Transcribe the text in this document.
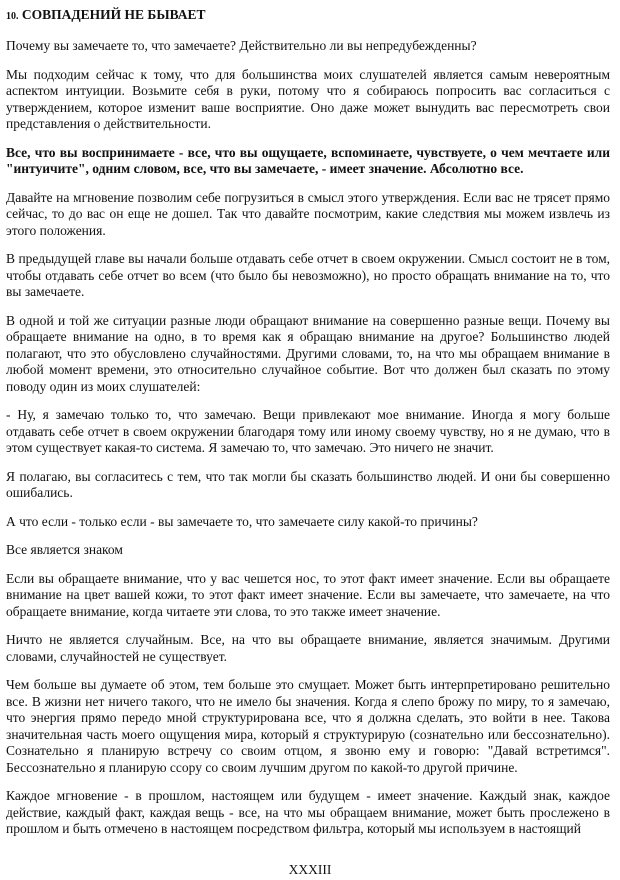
10. СОВПАДЕНИЙ НЕ БЫВАЕТ

Почему вы замечаете то, что замечаете? Действительно ли вы непредубежденны?

Мы подходим сейчас к тому, что для большинства моих слушателей является самым невероятным аспектом интуиции. Возьмите себя в руки, потому что я собираюсь попросить вас согласиться с утверждением, которое изменит ваше восприятие. Оно даже может вынудить вас пересмотреть свои представления о действительности.

Все, что вы воспринимаете - все, что вы ощущаете, вспоминаете, чувствуете, о чем мечтаете или "интуичите", одним словом, все, что вы замечаете, - имеет значение. Абсолютно все.

Давайте на мгновение позволим себе погрузиться в смысл этого утверждения. Если вас не трясет прямо сейчас, то до вас он еще не дошел. Так что давайте посмотрим, какие следствия мы можем извлечь из этого положения.

В предыдущей главе вы начали больше отдавать себе отчет в своем окружении. Смысл состоит не в том, чтобы отдавать себе отчет во всем (что было бы невозможно), но просто обращать внимание на то, что вы замечаете.

В одной и той же ситуации разные люди обращают внимание на совершенно разные вещи. Почему вы обращаете внимание на одно, в то время как я обращаю внимание на другое? Большинство людей полагают, что это обусловлено случайностями. Другими словами, то, на что мы обращаем внимание в любой момент времени, это относительно случайное событие. Вот что должен был сказать по этому поводу один из моих слушателей:

- Ну, я замечаю только то, что замечаю. Вещи привлекают мое внимание. Иногда я могу больше отдавать себе отчет в своем окружении благодаря тому или иному своему чувству, но я не думаю, что в этом существует какая-то система. Я замечаю то, что замечаю. Это ничего не значит.

Я полагаю, вы согласитесь с тем, что так могли бы сказать большинство людей. И они бы совершенно ошибались.

А что если - только если - вы замечаете то, что замечаете силу какой-то причины?

Все является знаком

Если вы обращаете внимание, что у вас чешется нос, то этот факт имеет значение. Если вы обращаете внимание на цвет вашей кожи, то этот факт имеет значение. Если вы замечаете, что замечаете, на что обращаете внимание, когда читаете эти слова, то это также имеет значение.

Ничто не является случайным. Все, на что вы обращаете внимание, является значимым. Другими словами, случайностей не существует.

Чем больше вы думаете об этом, тем больше это смущает. Может быть интерпретировано решительно все. В жизни нет ничего такого, что не имело бы значения. Когда я слепо брожу по миру, то я замечаю, что энергия прямо передо мной структурирована все, что я должна сделать, это войти в нее. Такова значительная часть моего ощущения мира, который я структурирую (сознательно или бессознательно). Сознательно я планирую встречу со своим отцом, я звоню ему и говорю: "Давай встретимся". Бессознательно я планирую ссору со своим лучшим другом по какой-то другой причине.

Каждое мгновение - в прошлом, настоящем или будущем - имеет значение. Каждый знак, каждое действие, каждый факт, каждая вещь - все, на что мы обращаем внимание, может быть прослежено в прошлом и быть отмечено в настоящем посредством фильтра, который мы используем в настоящий

XXXIII
